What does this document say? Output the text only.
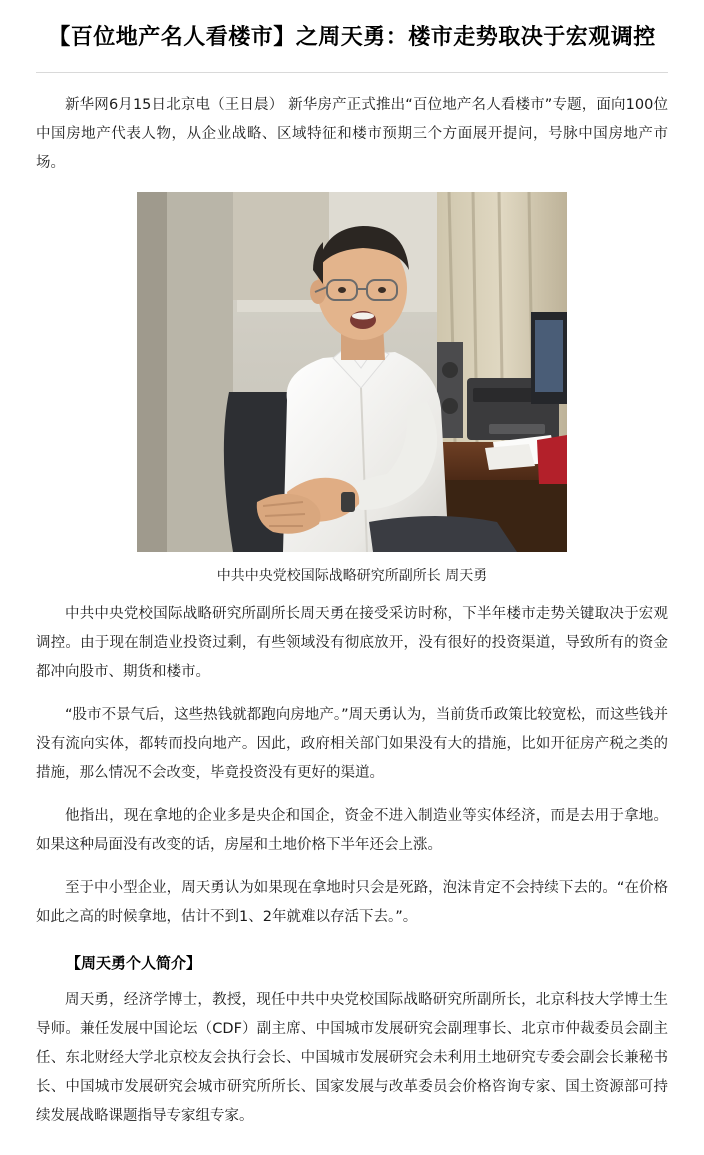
【百位地产名人看楼市】之周天勇：楼市走势取决于宏观调控

新华网6月15日北京电（王日晨） 新华房产正式推出“百位地产名人看楼市”专题，面向100位中国房地产代表人物，从企业战略、区域特征和楼市预期三个方面展开提问，号脉中国房地产市场。

中共中央党校国际战略研究所副所长 周天勇

中共中央党校国际战略研究所副所长周天勇在接受采访时称，下半年楼市走势关键取决于宏观调控。由于现在制造业投资过剩，有些领域没有彻底放开，没有很好的投资渠道，导致所有的资金都冲向股市、期货和楼市。

“股市不景气后，这些热钱就都跑向房地产。”周天勇认为，当前货币政策比较宽松，而这些钱并没有流向实体，都转而投向地产。因此，政府相关部门如果没有大的措施，比如开征房产税之类的措施，那么情况不会改变，毕竟投资没有更好的渠道。

他指出，现在拿地的企业多是央企和国企，资金不进入制造业等实体经济，而是去用于拿地。如果这种局面没有改变的话，房屋和土地价格下半年还会上涨。

至于中小型企业，周天勇认为如果现在拿地时只会是死路，泡沫肯定不会持续下去的。“在价格如此之高的时候拿地，估计不到1、2年就难以存活下去。”。

【周天勇个人简介】

周天勇，经济学博士，教授，现任中共中央党校国际战略研究所副所长，北京科技大学博士生导师。兼任发展中国论坛（CDF）副主席、中国城市发展研究会副理事长、北京市仲裁委员会副主任、东北财经大学北京校友会执行会长、中国城市发展研究会未利用土地研究专委会副会长兼秘书长、中国城市发展研究会城市研究所所长、国家发展与改革委员会价格咨询专家、国土资源部可持续发展战略课题指导专家组专家。
